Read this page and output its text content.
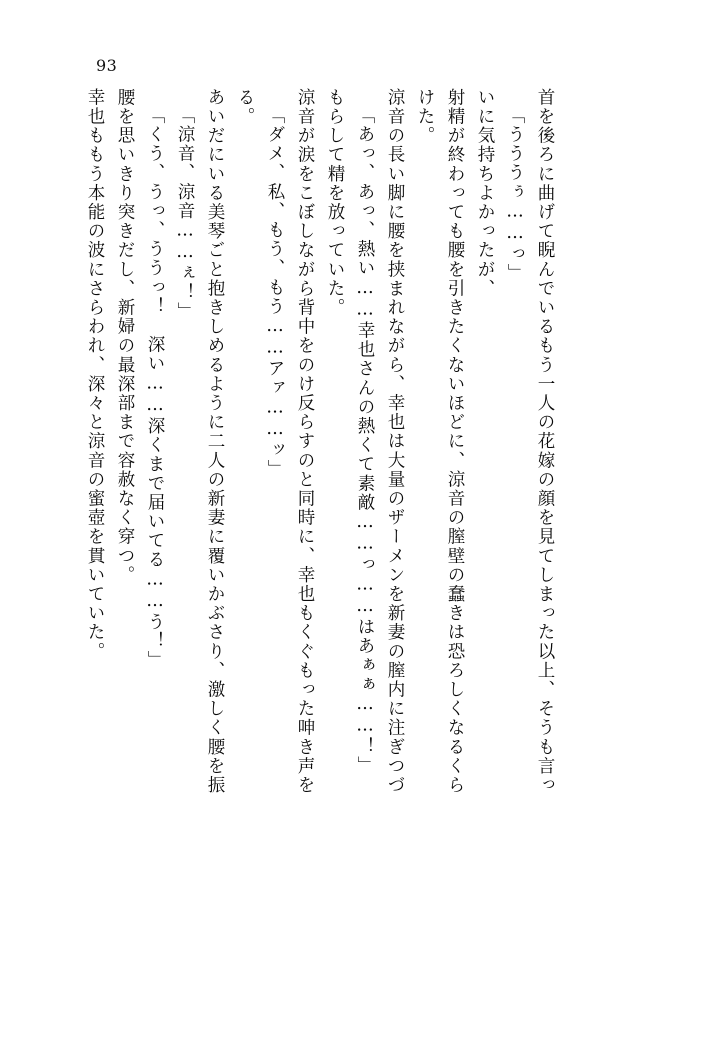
93
幸也ももう本能の波にさらわれ、深々と涼音の蜜壺を貫いていた。 腰を思いきり突きだし、新婦の最深部まで容赦なく穿つ。 「くう、うっ、ううっ！　深い……深くまで届いてる……う！」 「涼音、涼音……ぇ！」 あいだにいる美琴ごと抱きしめるように二人の新妻に覆いかぶさり、激しく腰を振 る。 「ダメ、私、もう、もう……アァ……ッ」 涼音が涙をこぼしながら背中をのけ反らすのと同時に、幸也もくぐもった呻き声を もらして精を放っていた。 「あっ、あっ、熱い……幸也さんの熱くて素敵……っ……はあぁぁ……！」 涼音の長い脚に腰を挟まれながら、幸也は大量のザーメンを新妻の膣内に注ぎつづ けた。 射精が終わっても腰を引きたくないほどに、涼音の膣壁の蠢きは恐ろしくなるくら いに気持ちよかったが、 「うううぅ……っ」 首を後ろに曲げて睨んでいるもう一人の花嫁の顔を見てしまった以上、そうも言っ
